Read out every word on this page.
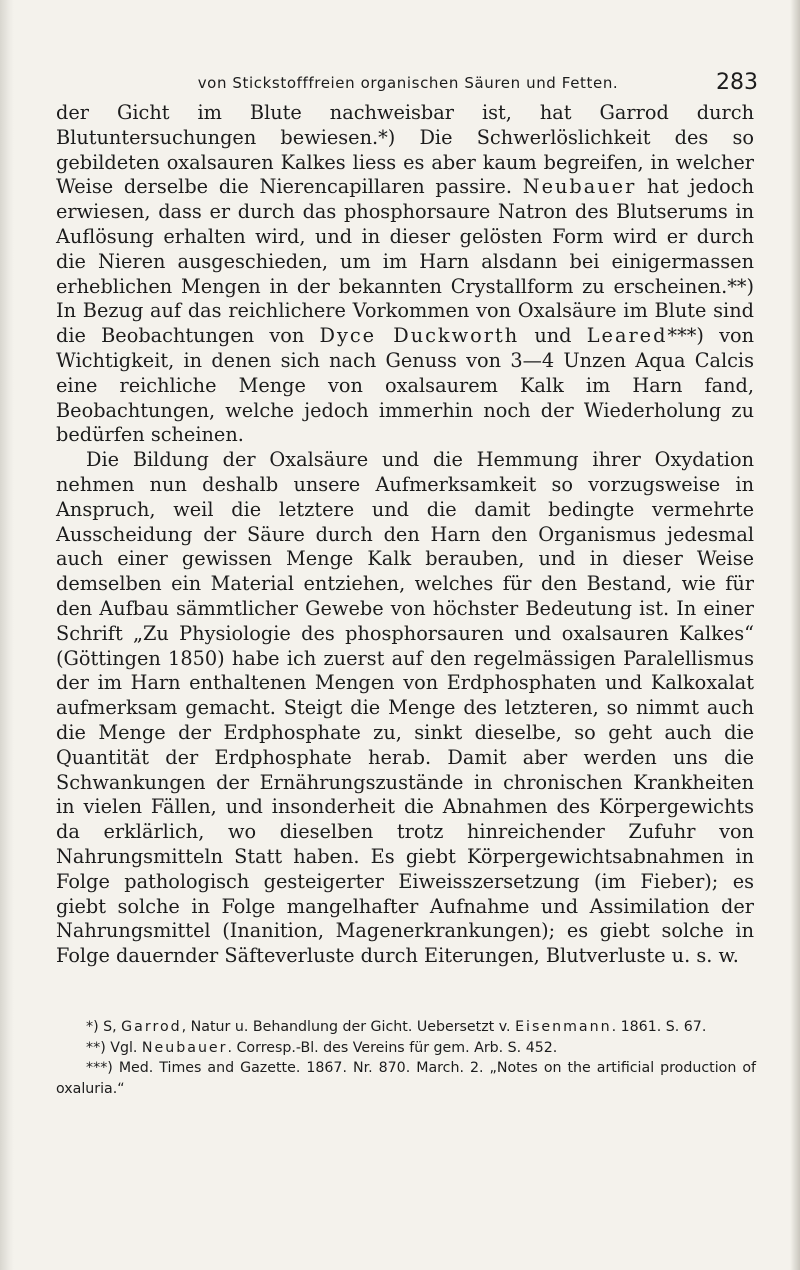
von Stickstofffreien organischen Säuren und Fetten.	283

der Gicht im Blute nachweisbar ist, hat Garrod durch Blutuntersuchungen bewiesen.*) Die Schwerlöslichkeit des so gebildeten oxalsauren Kalkes liess es aber kaum begreifen, in welcher Weise derselbe die Nierencapillaren passire. Neubauer hat jedoch erwiesen, dass er durch das phosphorsaure Natron des Blutserums in Auflösung erhalten wird, und in dieser gelösten Form wird er durch die Nieren ausgeschieden, um im Harn alsdann bei einigermassen erheblichen Mengen in der bekannten Crystallform zu erscheinen.**) In Bezug auf das reichlichere Vorkommen von Oxalsäure im Blute sind die Beobachtungen von Dyce Duckworth und Leared***) von Wichtigkeit, in denen sich nach Genuss von 3—4 Unzen Aqua Calcis eine reichliche Menge von oxalsaurem Kalk im Harn fand, Beobachtungen, welche jedoch immerhin noch der Wiederholung zu bedürfen scheinen.

Die Bildung der Oxalsäure und die Hemmung ihrer Oxydation nehmen nun deshalb unsere Aufmerksamkeit so vorzugsweise in Anspruch, weil die letztere und die damit bedingte vermehrte Ausscheidung der Säure durch den Harn den Organismus jedesmal auch einer gewissen Menge Kalk berauben, und in dieser Weise demselben ein Material entziehen, welches für den Bestand, wie für den Aufbau sämmtlicher Gewebe von höchster Bedeutung ist. In einer Schrift „Zu Physiologie des phosphorsauren und oxalsauren Kalkes“ (Göttingen 1850) habe ich zuerst auf den regelmässigen Paralellismus der im Harn enthaltenen Mengen von Erdphosphaten und Kalkoxalat aufmerksam gemacht. Steigt die Menge des letzteren, so nimmt auch die Menge der Erdphosphate zu, sinkt dieselbe, so geht auch die Quantität der Erdphosphate herab. Damit aber werden uns die Schwankungen der Ernährungszustände in chronischen Krankheiten in vielen Fällen, und insonderheit die Abnahmen des Körpergewichts da erklärlich, wo dieselben trotz hinreichender Zufuhr von Nahrungsmitteln Statt haben. Es giebt Körpergewichtsabnahmen in Folge pathologisch gesteigerter Eiweisszersetzung (im Fieber); es giebt solche in Folge mangelhafter Aufnahme und Assimilation der Nahrungsmittel (Inanition, Magenerkrankungen); es giebt solche in Folge dauernder Säfteverluste durch Eiterungen, Blutverluste u. s. w.

*) S, Garrod, Natur u. Behandlung der Gicht. Uebersetzt v. Eisenmann. 1861. S. 67.

**) Vgl. Neubauer. Corresp.-Bl. des Vereins für gem. Arb. S. 452.

***) Med. Times and Gazette. 1867. Nr. 870. March. 2. „Notes on the artificial production of oxaluria.“
